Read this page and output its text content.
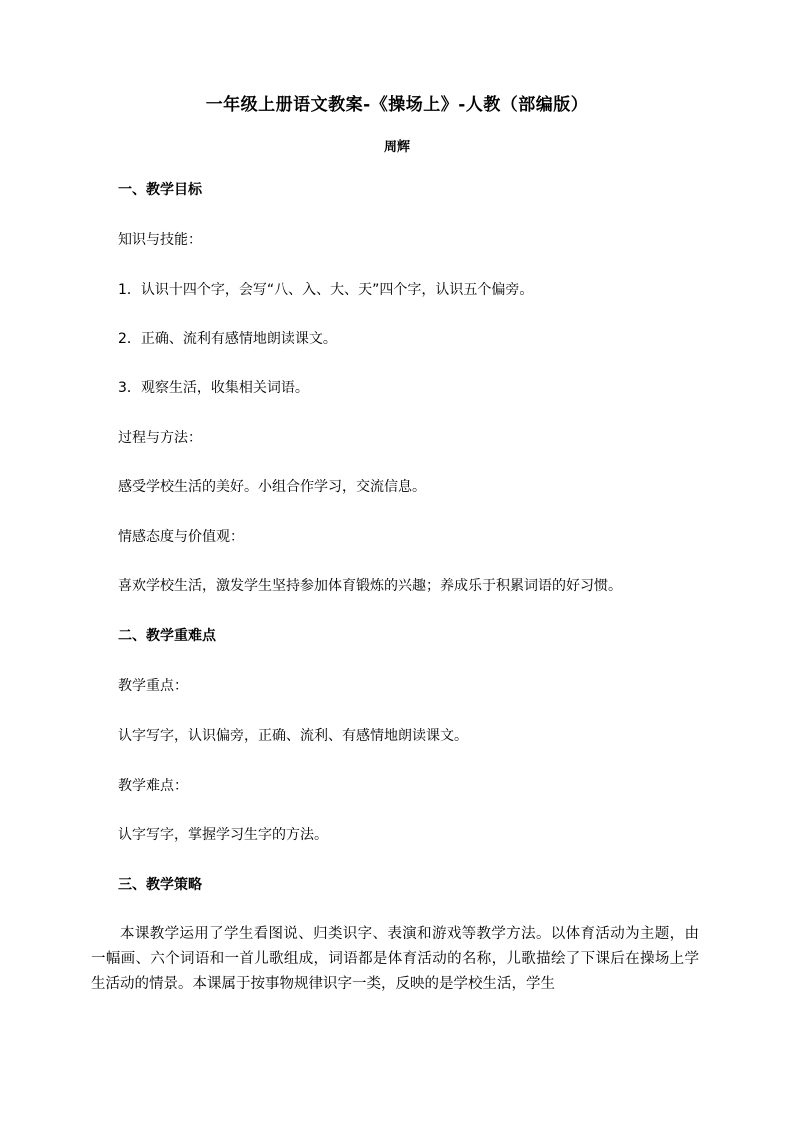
一年级上册语文教案-《操场上》-人教（部编版）
周辉
一、教学目标
知识与技能：
1．认识十四个字，会写“八、入、大、天”四个字，认识五个偏旁。
2．正确、流利有感情地朗读课文。
3．观察生活，收集相关词语。
过程与方法：
感受学校生活的美好。小组合作学习，交流信息。
情感态度与价值观：
喜欢学校生活，激发学生坚持参加体育锻炼的兴趣；养成乐于积累词语的好习惯。
二、教学重难点
教学重点：
认字写字，认识偏旁，正确、流利、有感情地朗读课文。
教学难点：
认字写字，掌握学习生字的方法。
三、教学策略
本课教学运用了学生看图说、归类识字、表演和游戏等教学方法。以体育活动为主题，由一幅画、六个词语和一首儿歌组成，词语都是体育活动的名称，儿歌描绘了下课后在操场上学生活动的情景。本课属于按事物规律识字一类，反映的是学校生活，学生
